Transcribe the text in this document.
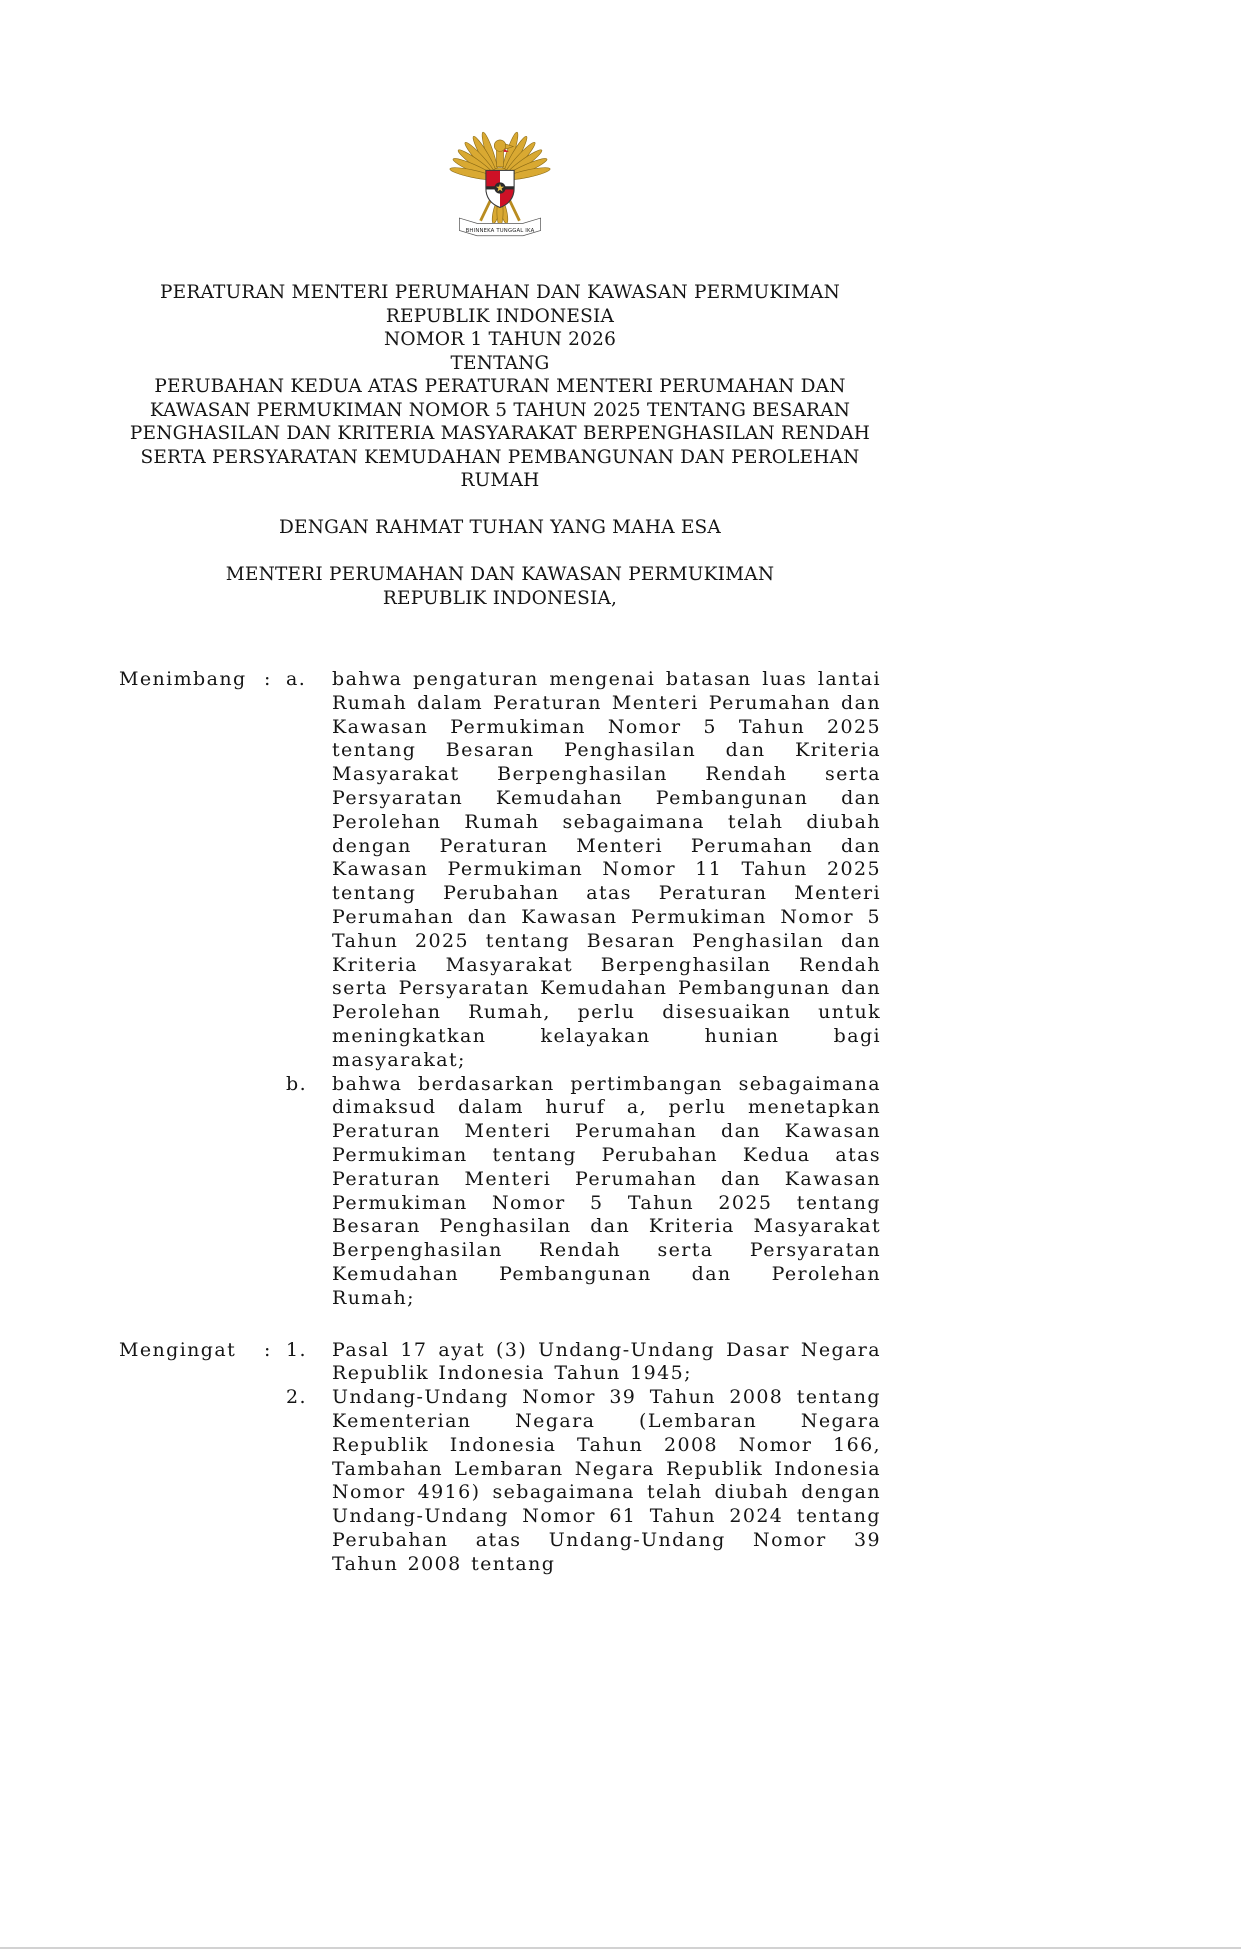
BHINNEKA TUNGGAL IKA
PERATURAN MENTERI PERUMAHAN DAN KAWASAN PERMUKIMAN
REPUBLIK INDONESIA
NOMOR 1 TAHUN 2026
TENTANG
PERUBAHAN KEDUA ATAS PERATURAN MENTERI PERUMAHAN DAN
KAWASAN PERMUKIMAN NOMOR 5 TAHUN 2025 TENTANG BESARAN
PENGHASILAN DAN KRITERIA MASYARAKAT BERPENGHASILAN RENDAH
SERTA PERSYARATAN KEMUDAHAN PEMBANGUNAN DAN PEROLEHAN
RUMAH
DENGAN RAHMAT TUHAN YANG MAHA ESA
MENTERI PERUMAHAN DAN KAWASAN PERMUKIMAN
REPUBLIK INDONESIA,
Menimbang : a.	bahwa pengaturan mengenai batasan luas lantai Rumah dalam Peraturan Menteri Perumahan dan Kawasan Permukiman Nomor 5 Tahun 2025 tentang Besaran Penghasilan dan Kriteria Masyarakat Berpenghasilan Rendah serta Persyaratan Kemudahan Pembangunan dan Perolehan Rumah sebagaimana telah diubah dengan Peraturan Menteri Perumahan dan Kawasan Permukiman Nomor 11 Tahun 2025 tentang Perubahan atas Peraturan Menteri Perumahan dan Kawasan Permukiman Nomor 5 Tahun 2025 tentang Besaran Penghasilan dan Kriteria Masyarakat Berpenghasilan Rendah serta Persyaratan Kemudahan Pembangunan dan Perolehan Rumah, perlu disesuaikan untuk meningkatkan kelayakan hunian bagi masyarakat;
b.	bahwa berdasarkan pertimbangan sebagaimana dimaksud dalam huruf a, perlu menetapkan Peraturan Menteri Perumahan dan Kawasan Permukiman tentang Perubahan Kedua atas Peraturan Menteri Perumahan dan Kawasan Permukiman Nomor 5 Tahun 2025 tentang Besaran Penghasilan dan Kriteria Masyarakat Berpenghasilan Rendah serta Persyaratan Kemudahan Pembangunan dan Perolehan Rumah;
Mengingat	: 1.	Pasal 17 ayat (3) Undang-Undang Dasar Negara Republik Indonesia Tahun 1945;
2.	Undang-Undang Nomor 39 Tahun 2008 tentang Kementerian Negara (Lembaran Negara Republik Indonesia Tahun 2008 Nomor 166, Tambahan Lembaran Negara Republik Indonesia Nomor 4916) sebagaimana telah diubah dengan Undang-Undang Nomor 61 Tahun 2024 tentang Perubahan atas Undang-Undang Nomor 39 Tahun 2008 tentang
